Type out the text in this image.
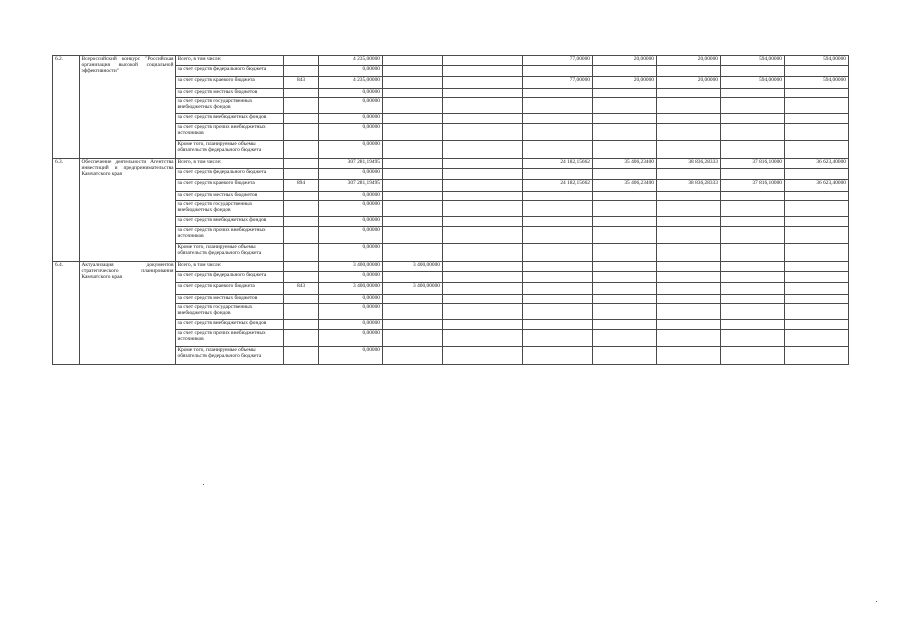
6.2.	Всероссийский конкурс "Российская организация высокой социальной эффективности"	Всего, в том числе:		4 235,00000			77,00000	20,00000	20,00000	594,00000	594,00000
		за счет средств федерального бюджета		0,00000							
		за счет средств краевого бюджета	843	4 235,00000			77,00000	20,00000	20,00000	594,00000	594,00000
		за счет средств местных бюджетов		0,00000							
		за счет средств государственных внебюджетных фондов		0,00000							
		за счет средств внебюджетных фондов		0,00000							
		за счет средств прочих внебюджетных источников		0,00000							
		Кроме того, планируемые объемы обязательств федерального бюджета		0,00000							
6.3.	Обеспечение деятельности Агентства инвестиций и предпринимательства Камчатского края	Всего, в том числе:		307 281,19495			24 182,15662	35 406,23400	38 836,28333	37 816,10000	36 623,40000
		за счет средств федерального бюджета		0,00000							
		за счет средств краевого бюджета	894	307 281,19495			24 182,15662	35 406,23400	38 836,28333	37 816,10000	36 623,40000
		за счет средств местных бюджетов		0,00000							
		за счет средств государственных внебюджетных фондов		0,00000							
		за счет средств внебюджетных фондов		0,00000							
		за счет средств прочих внебюджетных источников		0,00000							
		Кроме того, планируемые объемы обязательств федерального бюджета		0,00000							
6.4.	Актуализация документов стратегического планирования Камчатского края	Всего, в том числе:		3 400,00000	3 400,00000						
		за счет средств федерального бюджета		0,00000							
		за счет средств краевого бюджета	843	3 400,00000	3 400,00000						
		за счет средств местных бюджетов		0,00000							
		за счет средств государственных внебюджетных фондов		0,00000							
		за счет средств внебюджетных фондов		0,00000							
		за счет средств прочих внебюджетных источников		0,00000							
		Кроме того, планируемые объемы обязательств федерального бюджета		0,00000							
